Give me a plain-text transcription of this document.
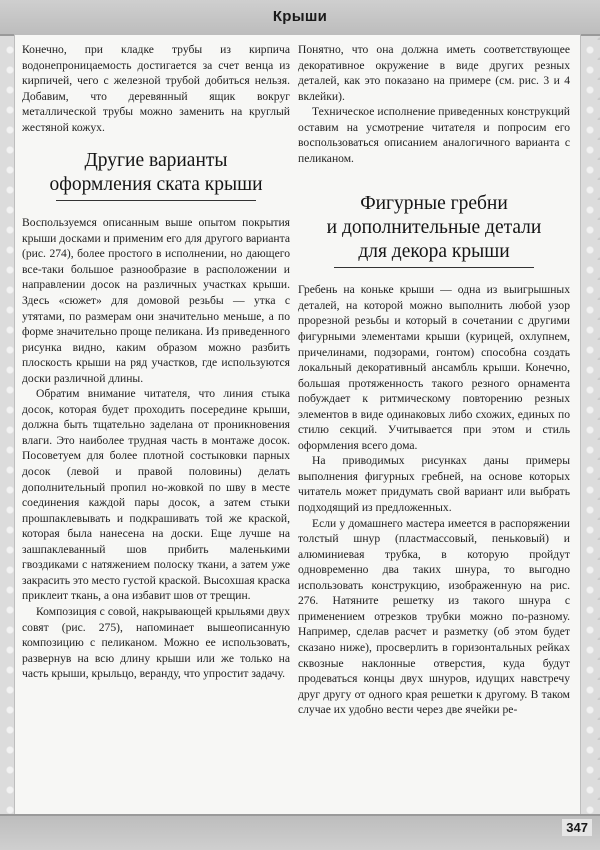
Крыши

Конечно, при кладке трубы из кирпича водонепроницаемость достигается за счет венца из кирпичей, чего с железной трубой добиться нельзя. Добавим, что деревянный ящик вокруг металлической трубы можно заменить на круглый жестяной кожух.

Другие варианты
оформления ската крыши

Воспользуемся описанным выше опытом покрытия крыши досками и применим его для другого варианта (рис. 274), более простого в исполнении, но дающего все-таки большое разнообразие в расположении и направлении досок на различных участках крыши. Здесь «сюжет» для домовой резьбы — утка с утятами, по размерам они значительно меньше, а по форме значительно проще пеликана. Из приведенного рисунка видно, каким образом можно разбить плоскость крыши на ряд участков, где используются доски различной длины.

Обратим внимание читателя, что линия стыка досок, которая будет проходить посередине крыши, должна быть тщательно заделана от проникновения влаги. Это наиболее трудная часть в монтаже досок. Посоветуем для более плотной состыковки парных досок (левой и правой половины) делать дополнительный пропил но-жовкой по шву в месте соединения каждой пары досок, а затем стыки прошпаклевывать и подкрашивать той же краской, которая была нанесена на доски. Еще лучше на зашпаклеванный шов прибить маленькими гвоздиками с натяжением полоску ткани, а затем уже закрасить это место густой краской. Высохшая краска приклеит ткань, а она избавит шов от трещин.

Композиция с совой, накрывающей крыльями двух совят (рис. 275), напоминает вышеописанную композицию с пеликаном. Можно ее использовать, развернув на всю длину крыши или же только на часть крыши, крыльцо, веранду, что упростит задачу.

Понятно, что она должна иметь соответствующее декоративное окружение в виде других резных деталей, как это показано на примере (см. рис. 3 и 4 вклейки).

Техническое исполнение приведенных конструкций оставим на усмотрение читателя и попросим его воспользоваться описанием аналогичного варианта с пеликаном.

Фигурные гребни
и дополнительные детали
для декора крыши

Гребень на коньке крыши — одна из выигрышных деталей, на которой можно выполнить любой узор прорезной резьбы и который в сочетании с другими фигурными элементами крыши (курицей, охлупнем, причелинами, подзорами, гонтом) способна создать локальный декоративный ансамбль крыши. Конечно, большая протяженность такого резного орнамента побуждает к ритмическому повторению резных элементов в виде одинаковых либо схожих, единых по стилю секций. Учитывается при этом и стиль оформления всего дома.

На приводимых рисунках даны примеры выполнения фигурных гребней, на основе которых читатель может придумать свой вариант или выбрать подходящий из предложенных.

Если у домашнего мастера имеется в распоряжении толстый шнур (пластмассовый, пеньковый) и алюминиевая трубка, в которую пройдут одновременно два таких шнура, то выгодно использовать конструкцию, изображенную на рис. 276. Натяните решетку из такого шнура с применением отрезков трубки можно по-разному. Например, сделав расчет и разметку (об этом будет сказано ниже), просверлить в горизонтальных рейках сквозные наклонные отверстия, куда будут продеваться концы двух шнуров, идущих навстречу друг другу от одного края решетки к другому. В таком случае их удобно вести через две ячейки ре-

347
